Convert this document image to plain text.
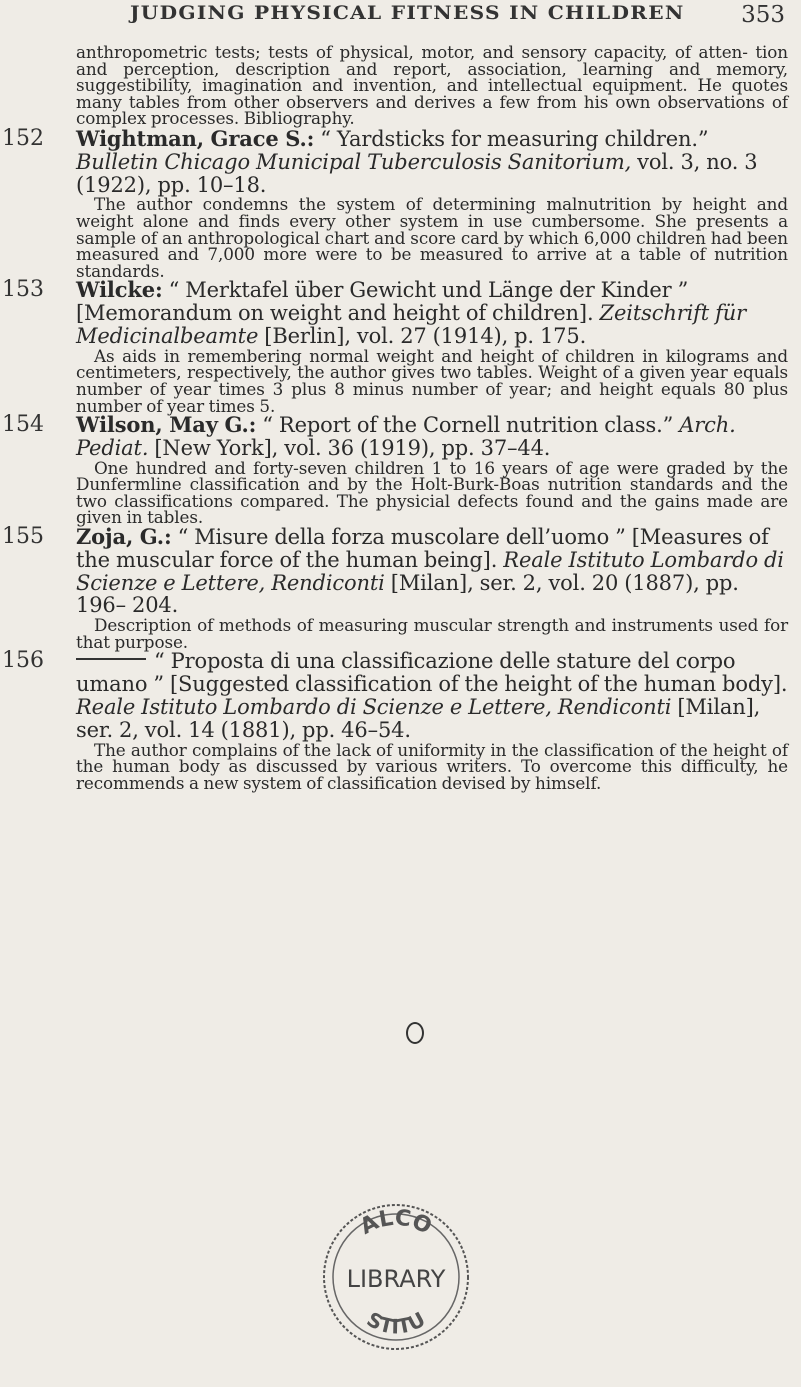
JUDGING PHYSICAL FITNESS IN CHILDREN 353

anthropometric tests; tests of physical, motor, and sensory capacity, of atten- tion and perception, description and report, association, learning and memory, suggestibility, imagination and invention, and intellectual equipment. He quotes many tables from other observers and derives a few from his own observations of complex processes. Bibliography.

152 Wightman, Grace S.: “ Yardsticks for measuring children.” Bulletin Chicago Municipal Tuberculosis Sanitorium, vol. 3, no. 3 (1922), pp. 10–18.

The author condemns the system of determining malnutrition by height and weight alone and finds every other system in use cumbersome. She presents a sample of an anthropological chart and score card by which 6,000 children had been measured and 7,000 more were to be measured to arrive at a table of nutrition standards.

153 Wilcke: “ Merktafel über Gewicht und Länge der Kinder ” [Memorandum on weight and height of children]. Zeitschrift für Medicinalbeamte [Berlin], vol. 27 (1914), p. 175.

As aids in remembering normal weight and height of children in kilograms and centimeters, respectively, the author gives two tables. Weight of a given year equals number of year times 3 plus 8 minus number of year; and height equals 80 plus number of year times 5.

154 Wilson, May G.: “ Report of the Cornell nutrition class.” Arch. Pediat. [New York], vol. 36 (1919), pp. 37–44.

One hundred and forty-seven children 1 to 16 years of age were graded by the Dunfermline classification and by the Holt-Burk-Boas nutrition standards and the two classifications compared. The physicial defects found and the gains made are given in tables.

155 Zoja, G.: “ Misure della forza muscolare dell’uomo ” [Measures of the muscular force of the human being]. Reale Istituto Lombardo di Scienze e Lettere, Rendiconti [Milan], ser. 2, vol. 20 (1887), pp. 196– 204.

Description of methods of measuring muscular strength and instruments used for that purpose.

156	“ Proposta di una classificazione delle stature del corpo umano ” [Suggested classification of the height of the human body]. Reale Istituto Lombardo di Scienze e Lettere, Rendiconti [Milan], ser. 2, vol. 14 (1881), pp. 46–54.

The author complains of the lack of uniformity in the classification of the height of the human body as discussed by various writers. To overcome this difficulty, he recommends a new system of classification devised by himself.

ALCO
LIBRARY
STITU
